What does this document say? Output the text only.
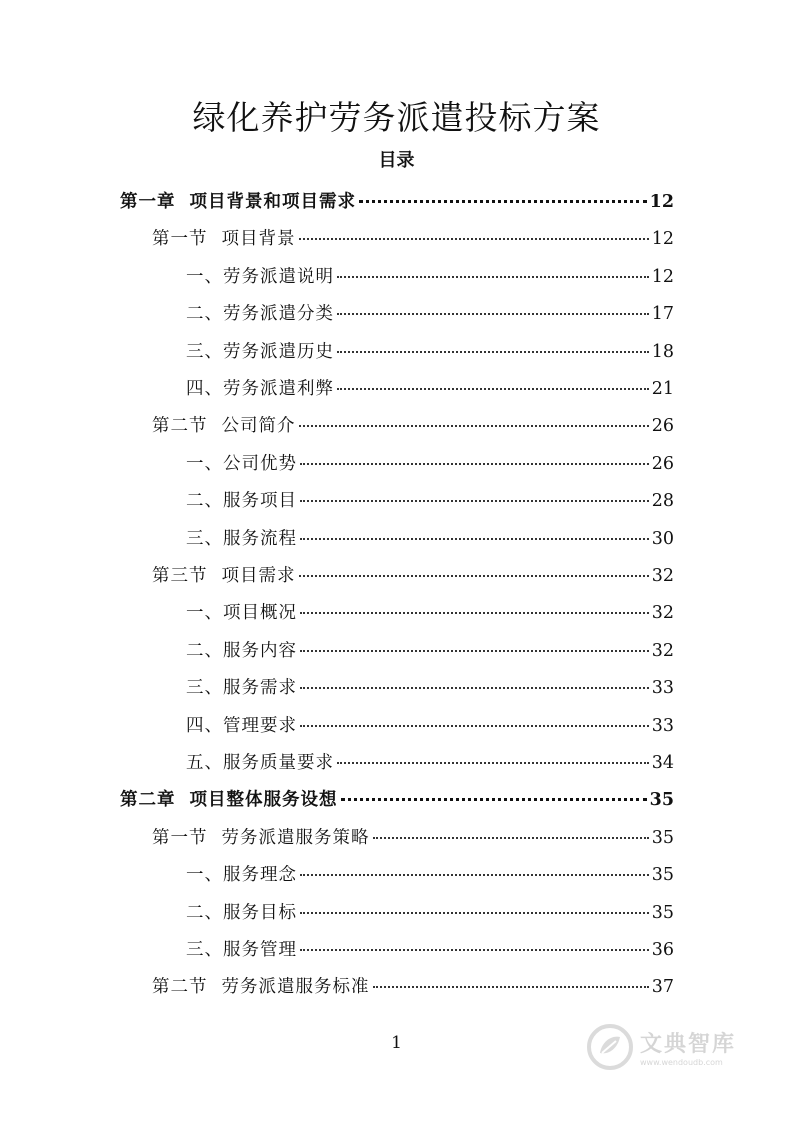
绿化养护劳务派遣投标方案
目录
第一章 项目背景和项目需求	12
第一节 项目背景	12
一、劳务派遣说明	12
二、劳务派遣分类	17
三、劳务派遣历史	18
四、劳务派遣利弊	21
第二节 公司简介	26
一、公司优势	26
二、服务项目	28
三、服务流程	30
第三节 项目需求	32
一、项目概况	32
二、服务内容	32
三、服务需求	33
四、管理要求	33
五、服务质量要求	34
第二章 项目整体服务设想	35
第一节 劳务派遣服务策略	35
一、服务理念	35
二、服务目标	35
三、服务管理	36
第二节 劳务派遣服务标准	37
1	文典智库
www.wendoudb.com
